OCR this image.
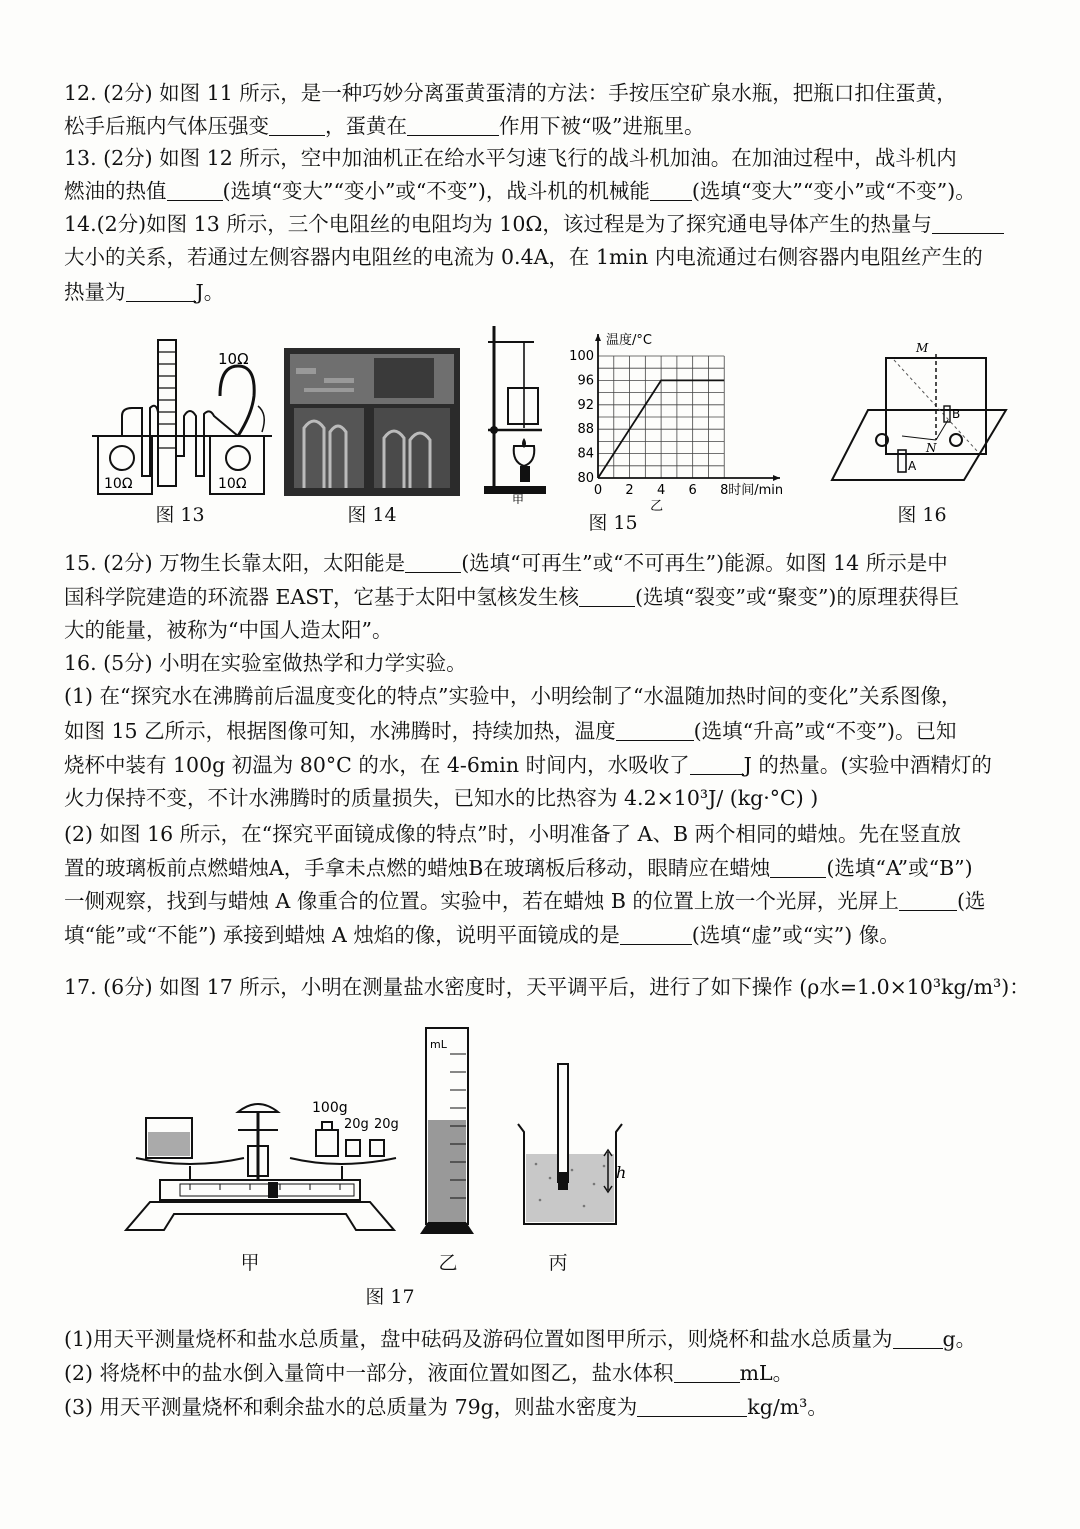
12. (2分) 如图 11 所示，是一种巧妙分离蛋黄蛋清的方法：手按压空矿泉水瓶，把瓶口扣住蛋黄，
松手后瓶内气体压强变	，蛋黄在	作用下被“吸”进瓶里。
13. (2分) 如图 12 所示，空中加油机正在给水平匀速飞行的战斗机加油。在加油过程中，战斗机内
燃油的热值	(选填“变大”“变小”或“不变”)，战斗机的机械能 (选填“变大”“变小”或“不变”)。
14.(2分)如图 13 所示，三个电阻丝的电阻均为 10Ω，该过程是为了探究通电导体产生的热量与
大小的关系，若通过左侧容器内电阻丝的电流为 0.4A，在 1min 内电流通过右侧容器内电阻丝产生的
热量为	J。
10Ω
10Ω	10Ω
图 13	图 14
甲
80
84
88
92
96
100
0 2 4 6 8
温度/°C
时间/min
乙
图 15
M
A
B
N
图 16
15. (2分) 万物生长靠太阳，太阳能是	(选填“可再生”或“不可再生”)能源。如图 14 所示是中
国科学院建造的环流器 EAST，它基于太阳中氢核发生核	(选填“裂变”或“聚变”)的原理获得巨
大的能量，被称为“中国人造太阳”。
16. (5分) 小明在实验室做热学和力学实验。
(1) 在“探究水在沸腾前后温度变化的特点”实验中，小明绘制了“水温随加热时间的变化”关系图像，
如图 15 乙所示，根据图像可知，水沸腾时，持续加热，温度	(选填“升高”或“不变”)。已知
烧杯中装有 100g 初温为 80°C 的水，在 4-6min 时间内，水吸收了	J 的热量。(实验中酒精灯的
火力保持不变，不计水沸腾时的质量损失，已知水的比热容为 4.2×10³J/ (kg·°C) )
(2) 如图 16 所示，在“探究平面镜成像的特点”时，小明准备了 A、B 两个相同的蜡烛。先在竖直放
置的玻璃板前点燃蜡烛A，手拿未点燃的蜡烛B在玻璃板后移动，眼睛应在蜡烛	(选填“A”或“B”)
一侧观察，找到与蜡烛 A 像重合的位置。实验中，若在蜡烛 B 的位置上放一个光屏，光屏上	(选
填“能”或“不能”) 承接到蜡烛 A 烛焰的像，说明平面镜成的是	(选填“虚”或“实”) 像。
17. (6分) 如图 17 所示，小明在测量盐水密度时，天平调平后，进行了如下操作 (ρ水=1.0×10³kg/m³)：
100g
20g 20g
甲
mL
乙
h
丙
图 17
(1)用天平测量烧杯和盐水总质量，盘中砝码及游码位置如图甲所示，则烧杯和盐水总质量为 g。
(2) 将烧杯中的盐水倒入量筒中一部分，液面位置如图乙，盐水体积	mL。
(3) 用天平测量烧杯和剩余盐水的总质量为 79g，则盐水密度为	kg/m³。
